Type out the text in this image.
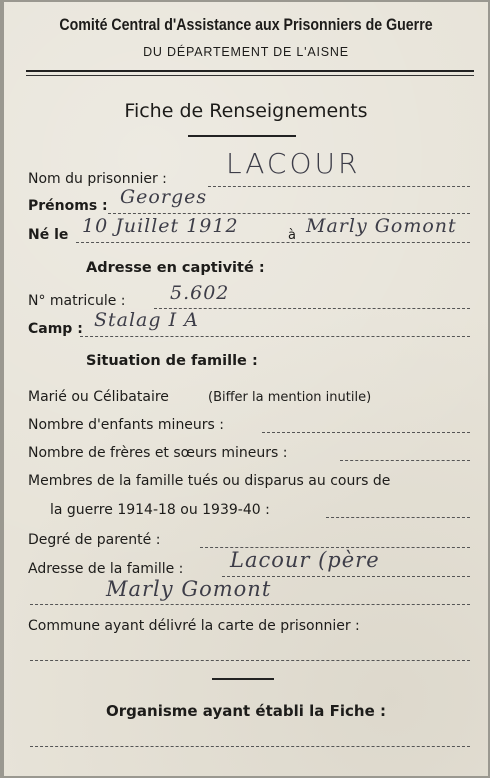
Comité Central d'Assistance aux Prisonniers de Guerre
DU DÉPARTEMENT DE L'AISNE
Fiche de Renseignements
Nom du prisonnier : LACOUR
Prénoms : Georges
Né le 10 Juillet 1912	à Marly Gomont
Adresse en captivité :
N° matricule : 5.602
Camp : Stalag I A
Situation de famille :
Marié ou Célibataire	(Biffer la mention inutile)
Nombre d'enfants mineurs :
Nombre de frères et sœurs mineurs :
Membres de la famille tués ou disparus au cours de
la guerre 1914-18 ou 1939-40 :
Degré de parenté :
Adresse de la famille : Lacour (père
Marly Gomont
Commune ayant délivré la carte de prisonnier :
Organisme ayant établi la Fiche :
